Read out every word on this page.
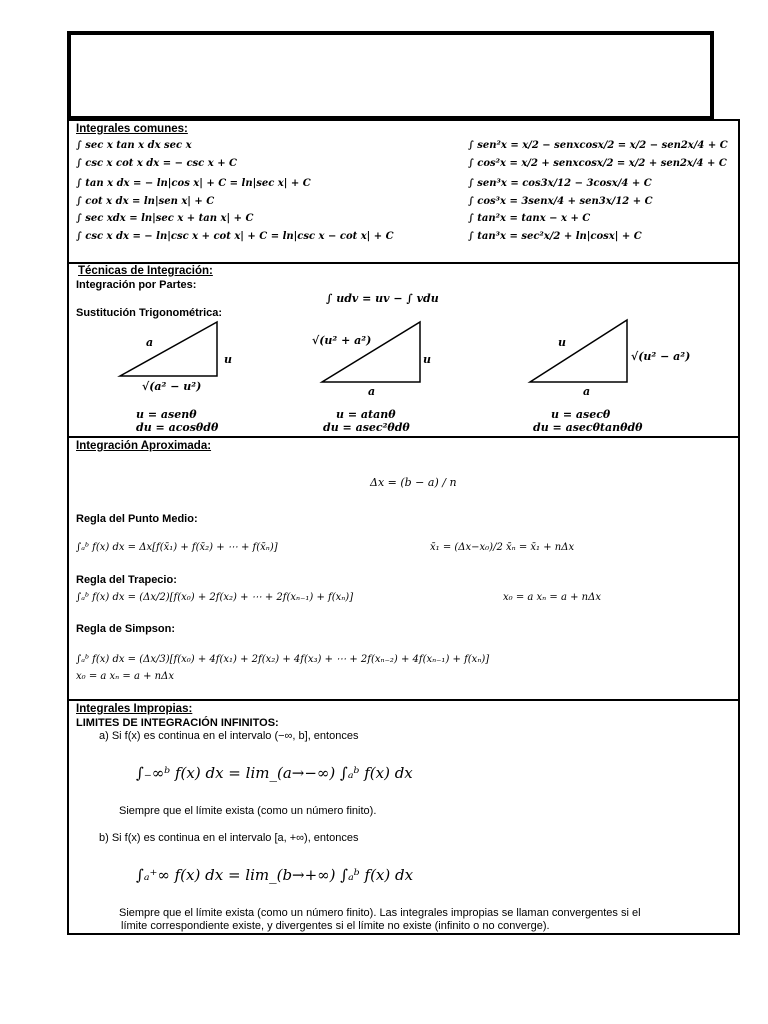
Integrales comunes:
∫ sec x tan x dx sec x
∫ csc x cot x dx = − csc x + C
∫ tan x dx = − ln|cos x| + C = ln|sec x| + C
∫ cot x dx = ln|sen x| + C
∫ sec xdx = ln|sec x + tan x| + C
∫ csc x dx = − ln|csc x + cot x| + C = ln|csc x − cot x| + C
∫ sen²x = x/2 − senxcosx/2 = x/2 − sen2x/4 + C
∫ cos²x = x/2 + senxcosx/2 = x/2 + sen2x/4 + C
∫ sen³x = cos3x/12 − 3cosx/4 + C
∫ cos³x = 3senx/4 + sen3x/12 + C
∫ tan²x = tanx − x + C
∫ tan³x = sec²x/2 + ln|cosx| + C
Técnicas de Integración:
Integración por Partes:
∫ udv = uv − ∫ vdu
Sustitución Trigonométrica:
a
u
√(a² − u²)
u = asenθ
du = acosθdθ
√(u² + a²)
u
a
u = atanθ
du = asec²θdθ
u
√(u² − a²)
a
u = asecθ
du = asecθtanθdθ
Integración Aproximada:
Δx = (b − a) / n
Regla del Punto Medio:
∫ₐᵇ f(x) dx = Δx[f(x̄₁) + f(x̄₂) + ⋯ + f(x̄ₙ)]	x̄₁ = (Δx−x₀)/2 x̄ₙ = x̄₁ + nΔx
Regla del Trapecio:
∫ₐᵇ f(x) dx = (Δx/2)[f(x₀) + 2f(x₂) + ⋯ + 2f(xₙ₋₁) + f(xₙ)]	x₀ = a xₙ = a + nΔx
Regla de Simpson:
∫ₐᵇ f(x) dx = (Δx/3)[f(x₀) + 4f(x₁) + 2f(x₂) + 4f(x₃) + ⋯ + 2f(xₙ₋₂) + 4f(xₙ₋₁) + f(xₙ)]
x₀ = a xₙ = a + nΔx
Integrales Impropias:
LIMITES DE INTEGRACIÓN INFINITOS:
a) Si f(x) es continua en el intervalo (−∞, b], entonces
∫₋∞ᵇ f(x) dx = lim_(a→−∞) ∫ₐᵇ f(x) dx
Siempre que el límite exista (como un número finito).
b) Si f(x) es continua en el intervalo [a, +∞), entonces
∫ₐ⁺∞ f(x) dx = lim_(b→+∞) ∫ₐᵇ f(x) dx
Siempre que el límite exista (como un número finito). Las integrales impropias se llaman convergentes si el
límite correspondiente existe, y divergentes si el límite no existe (infinito o no converge).
